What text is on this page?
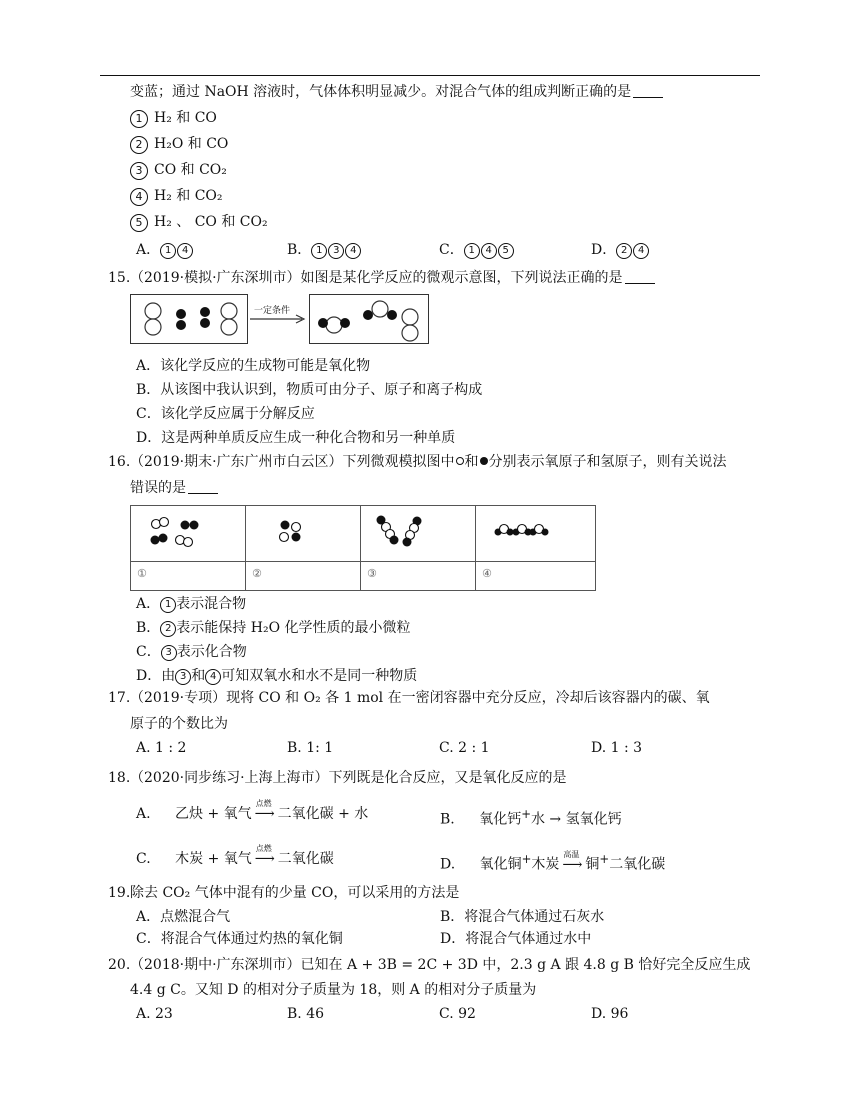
变蓝；通过 NaOH 溶液时，气体体积明显减少。对混合气体的组成判断正确的是
1 H₂ 和 CO
2 H₂O 和 CO
3 CO 和 CO₂
4 H₂ 和 CO₂
5 H₂ 、 CO 和 CO₂
A． 1 4	B． 1 3 4	C． 1 4 5	D． 2 4
15. （2019·模拟·广东深圳市）如图是某化学反应的微观示意图，下列说法正确的是
一定条件
A．该化学反应的生成物可能是氧化物
B．从该图中我认识到，物质可由分子、原子和离子构成
C．该化学反应属于分解反应
D．这是两种单质反应生成一种化合物和另一种单质
16. （2019·期末·广东广州市白云区）下列微观模拟图中 和 分别表示氧原子和氢原子，则有关说法
错误的是
①	②	③	④
A． 1 表示混合物
B． 2 表示能保持 H₂O 化学性质的最小微粒
C． 3 表示化合物
D．由 3 和 4 可知双氧水和水不是同一种物质
17. （2019·专项）现将 CO 和 O₂ 各 1 mol 在一密闭容器中充分反应，冷却后该容器内的碳、氧
原子的个数比为
A. 1 : 2	B. 1: 1	C. 2 : 1	D. 1 : 3
18. （2020·同步练习·上海上海市）下列既是化合反应，又是氧化反应的是
A. 乙炔 + 氧气
点燃
⟶ 二氧化碳 + 水	B. 氧化钙+水 → 氢氧化钙
C. 木炭 + 氧气
点燃
⟶ 二氧化碳	D. 氧化铜+木炭
高温
⟶ 铜+二氧化碳
19. 除去 CO₂ 气体中混有的少量 CO，可以采用的方法是
A．点燃混合气	B．将混合气体通过石灰水
C．将混合气体通过灼热的氧化铜	D．将混合气体通过水中
20. （2018·期中·广东深圳市）已知在 A + 3B = 2C + 3D 中，2.3 g A 跟 4.8 g B 恰好完全反应生成
4.4 g C。又知 D 的相对分子质量为 18，则 A 的相对分子质量为
A. 23	B. 46	C. 92	D. 96
